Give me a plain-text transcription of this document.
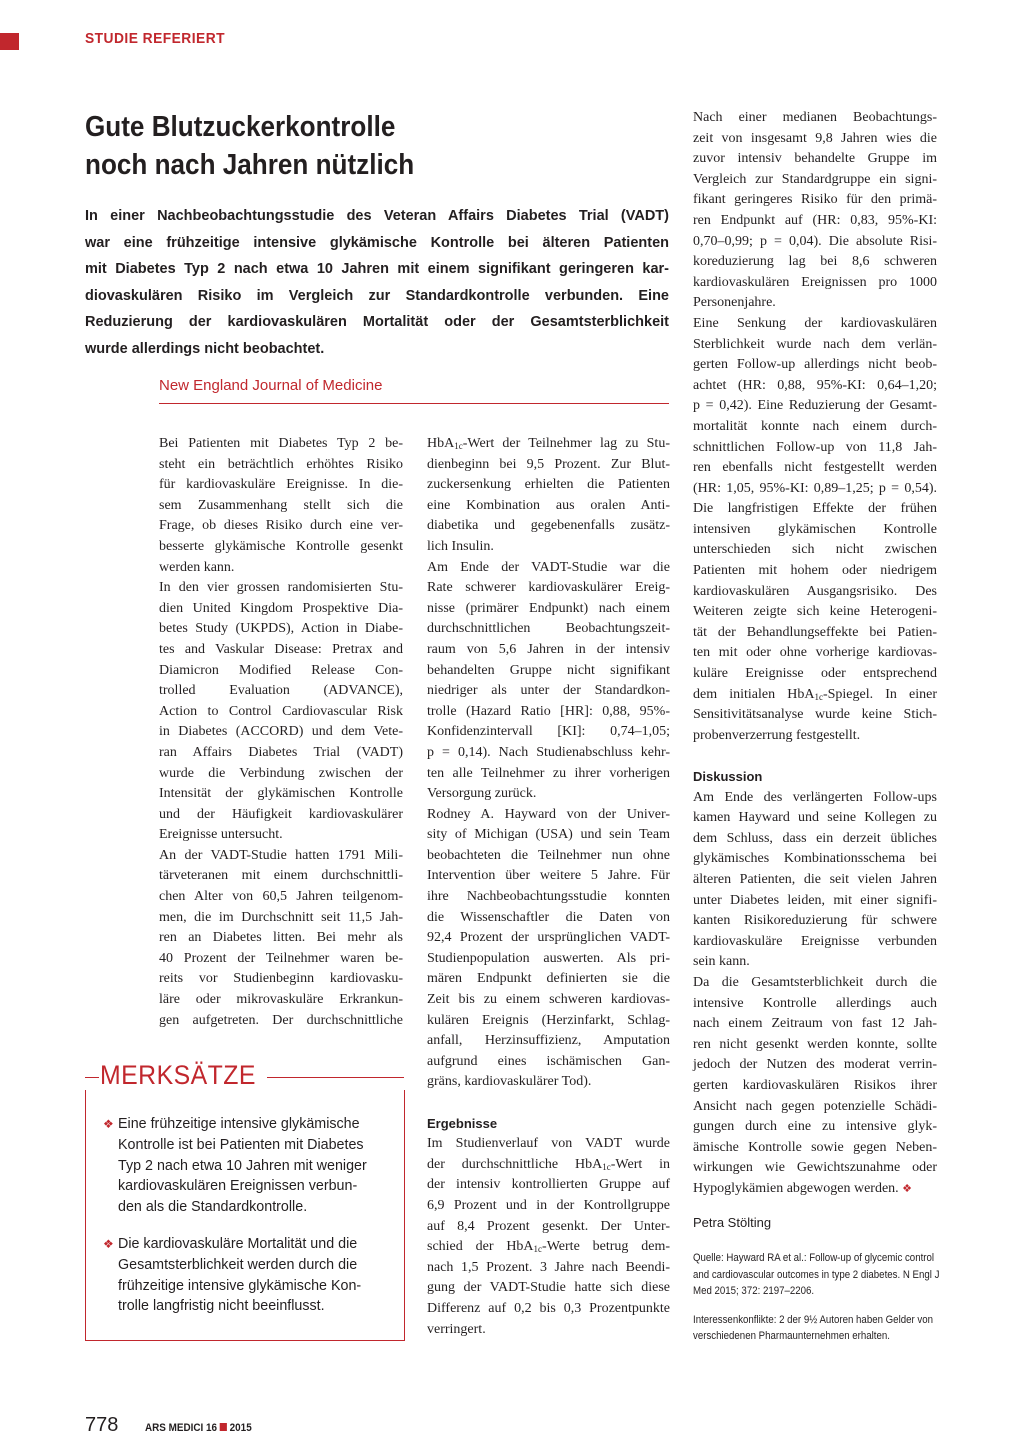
STUDIE REFERIERT
Gute Blutzuckerkontrolle
noch nach Jahren nützlich
In einer Nachbeobachtungsstudie des Veteran Affairs Diabetes Trial (VADT)
war eine frühzeitige intensive glykämische Kontrolle bei älteren Patienten
mit Diabetes Typ 2 nach etwa 10 Jahren mit einem signifikant geringeren kar-
diovaskulären Risiko im Vergleich zur Standardkontrolle verbunden. Eine
Reduzierung der kardiovaskulären Mortalität oder der Gesamtsterblichkeit
wurde allerdings nicht beobachtet.
New England Journal of Medicine
Bei Patienten mit Diabetes Typ 2 be-
steht ein beträchtlich erhöhtes Risiko
für kardiovaskuläre Ereignisse. In die-
sem Zusammenhang stellt sich die
Frage, ob dieses Risiko durch eine ver-
besserte glykämische Kontrolle gesenkt
werden kann.
In den vier grossen randomisierten Stu-
dien United Kingdom Prospektive Dia-
betes Study (UKPDS), Action in Diabe-
tes and Vaskular Disease: Pretrax and
Diamicron Modified Release Con-
trolled Evaluation (ADVANCE),
Action to Control Cardiovascular Risk
in Diabetes (ACCORD) und dem Vete-
ran Affairs Diabetes Trial (VADT)
wurde die Verbindung zwischen der
Intensität der glykämischen Kontrolle
und der Häufigkeit kardiovaskulärer
Ereignisse untersucht.
An der VADT-Studie hatten 1791 Mili-
tärveteranen mit einem durchschnittli-
chen Alter von 60,5 Jahren teilgenom-
men, die im Durchschnitt seit 11,5 Jah-
ren an Diabetes litten. Bei mehr als
40 Prozent der Teilnehmer waren be-
reits vor Studienbeginn kardiovasku-
läre oder mikrovaskuläre Erkrankun-
gen aufgetreten. Der durchschnittliche
HbA$_{1c}$-Wert der Teilnehmer lag zu Stu-
dienbeginn bei 9,5 Prozent. Zur Blut-
zuckersenkung erhielten die Patienten
eine Kombination aus oralen Anti-
diabetika und gegebenenfalls zusätz-
lich Insulin.
Am Ende der VADT-Studie war die
Rate schwerer kardiovaskulärer Ereig-
nisse (primärer Endpunkt) nach einem
durchschnittlichen Beobachtungszeit-
raum von 5,6 Jahren in der intensiv
behandelten Gruppe nicht signifikant
niedriger als unter der Standardkon-
trolle (Hazard Ratio [HR]: 0,88, 95%-
Konfidenzintervall [KI]: 0,74–1,05;
p = 0,14). Nach Studienabschluss kehr-
ten alle Teilnehmer zu ihrer vorherigen
Versorgung zurück.
Rodney A. Hayward von der Univer-
sity of Michigan (USA) und sein Team
beobachteten die Teilnehmer nun ohne
Intervention über weitere 5 Jahre. Für
ihre Nachbeobachtungsstudie konnten
die Wissenschaftler die Daten von
92,4 Prozent der ursprünglichen VADT-
Studienpopulation auswerten. Als pri-
mären Endpunkt definierten sie die
Zeit bis zu einem schweren kardiovas-
kulären Ereignis (Herzinfarkt, Schlag-
anfall, Herzinsuffizienz, Amputation
aufgrund eines ischämischen Gan-
gräns, kardiovaskulärer Tod).
Ergebnisse
Im Studienverlauf von VADT wurde
der durchschnittliche HbA$_{1c}$-Wert in
der intensiv kontrollierten Gruppe auf
6,9 Prozent und in der Kontrollgruppe
auf 8,4 Prozent gesenkt. Der Unter-
schied der HbA$_{1c}$-Werte betrug dem-
nach 1,5 Prozent. 3 Jahre nach Beendi-
gung der VADT-Studie hatte sich diese
Differenz auf 0,2 bis 0,3 Prozentpunkte
verringert.
Nach einer medianen Beobachtungs-
zeit von insgesamt 9,8 Jahren wies die
zuvor intensiv behandelte Gruppe im
Vergleich zur Standardgruppe ein signi-
fikant geringeres Risiko für den primä-
ren Endpunkt auf (HR: 0,83, 95%-KI:
0,70–0,99; p = 0,04). Die absolute Risi-
koreduzierung lag bei 8,6 schweren
kardiovaskulären Ereignissen pro 1000
Personenjahre.
Eine Senkung der kardiovaskulären
Sterblichkeit wurde nach dem verlän-
gerten Follow-up allerdings nicht beob-
achtet (HR: 0,88, 95%-KI: 0,64–1,20;
p = 0,42). Eine Reduzierung der Gesamt-
mortalität konnte nach einem durch-
schnittlichen Follow-up von 11,8 Jah-
ren ebenfalls nicht festgestellt werden
(HR: 1,05, 95%-KI: 0,89–1,25; p = 0,54).
Die langfristigen Effekte der frühen
intensiven glykämischen Kontrolle
unterschieden sich nicht zwischen
Patienten mit hohem oder niedrigem
kardiovaskulären Ausgangsrisiko. Des
Weiteren zeigte sich keine Heterogeni-
tät der Behandlungseffekte bei Patien-
ten mit oder ohne vorherige kardiovas-
kuläre Ereignisse oder entsprechend
dem initialen HbA$_{1c}$-Spiegel. In einer
Sensitivitätsanalyse wurde keine Stich-
probenverzerrung festgestellt.
Diskussion
Am Ende des verlängerten Follow-ups
kamen Hayward und seine Kollegen zu
dem Schluss, dass ein derzeit übliches
glykämisches Kombinationsschema bei
älteren Patienten, die seit vielen Jahren
unter Diabetes leiden, mit einer signifi-
kanten Risikoreduzierung für schwere
kardiovaskuläre Ereignisse verbunden
sein kann.
Da die Gesamtsterblichkeit durch die
intensive Kontrolle allerdings auch
nach einem Zeitraum von fast 12 Jah-
ren nicht gesenkt werden konnte, sollte
jedoch der Nutzen des moderat verrin-
gerten kardiovaskulären Risikos ihrer
Ansicht nach gegen potenzielle Schädi-
gungen durch eine zu intensive glyk-
ämische Kontrolle sowie gegen Neben-
wirkungen wie Gewichtszunahme oder
Hypoglykämien abgewogen werden. ❖
Petra Stölting
Quelle: Hayward RA et al.: Follow-up of glycemic control
and cardiovascular outcomes in type 2 diabetes. N Engl J
Med 2015; 372: 2197–2206.
Interessenkonflikte: 2 der 9½ Autoren haben Gelder von
verschiedenen Pharmaunternehmen erhalten.
MERKSÄTZE
❖ Eine frühzeitige intensive glykämische
Kontrolle ist bei Patienten mit Diabetes
Typ 2 nach etwa 10 Jahren mit weniger
kardiovaskulären Ereignissen verbun-
den als die Standardkontrolle.
❖ Die kardiovaskuläre Mortalität und die
Gesamtsterblichkeit werden durch die
frühzeitige intensive glykämische Kon-
trolle langfristig nicht beeinflusst.
778 ARS MEDICI 16 2015
